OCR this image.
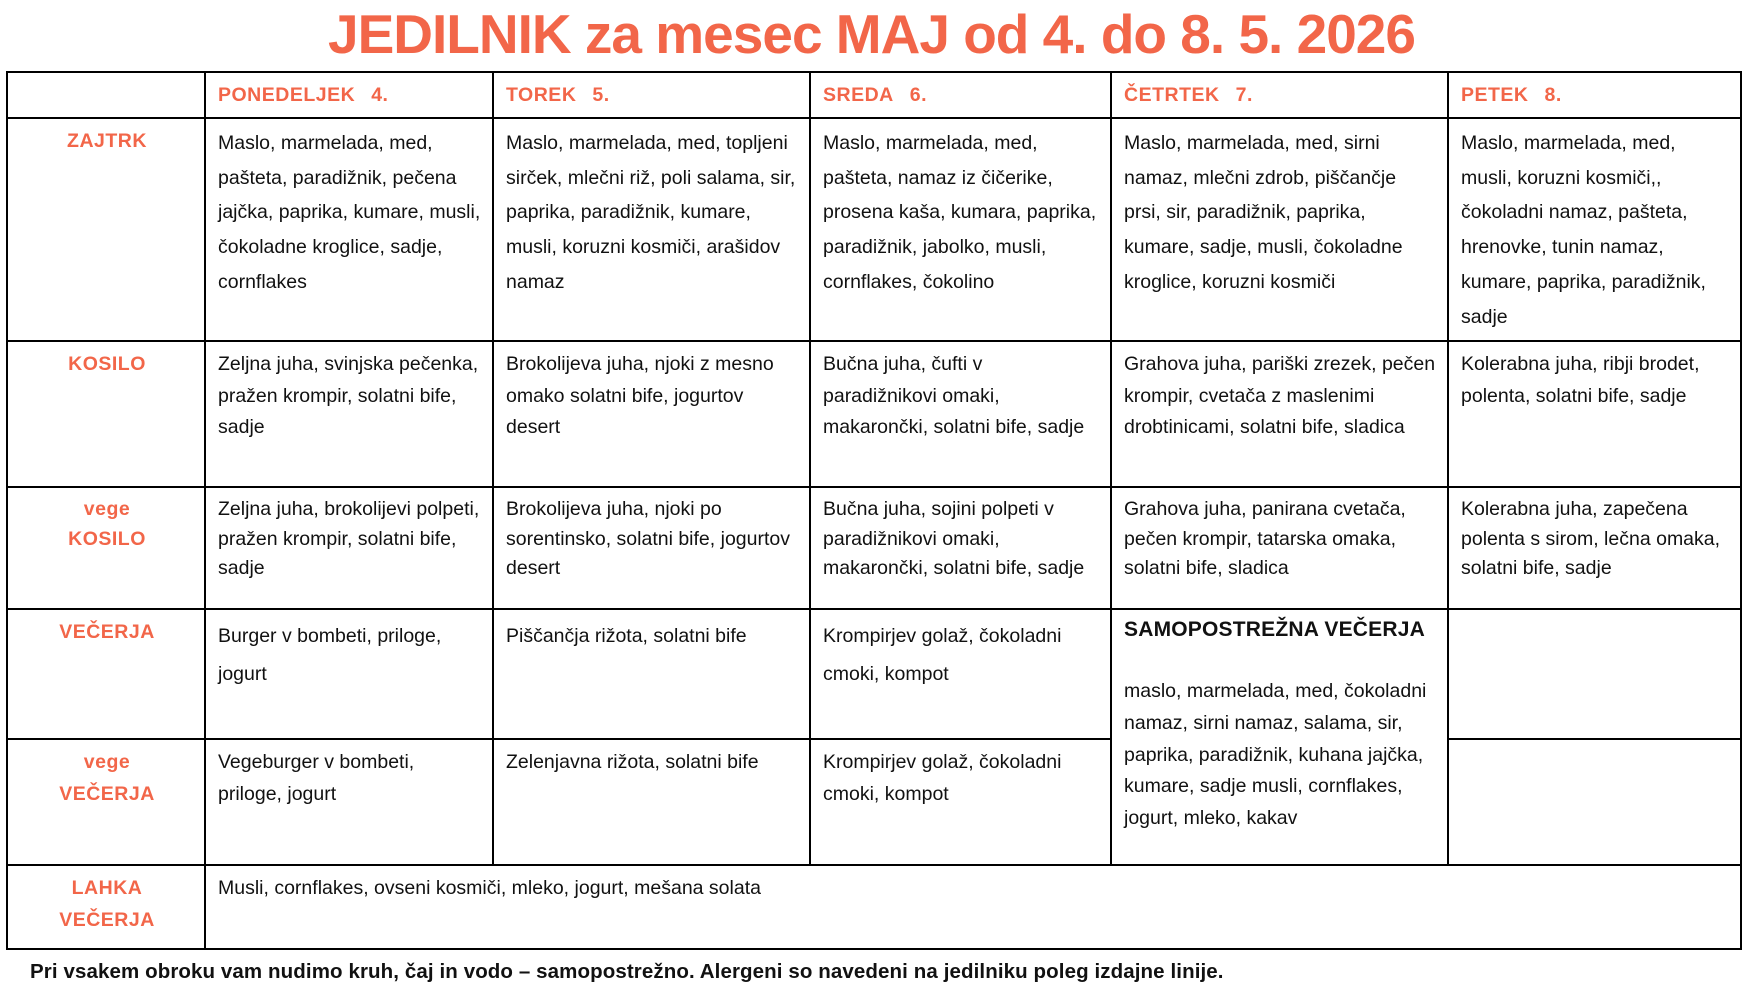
JEDILNIK za mesec MAJ od 4. do 8. 5. 2026
	PONEDELJEK 4.	TOREK 5.	SREDA 6.	ČETRTEK 7.	PETEK 8.
ZAJTRK	Maslo, marmelada, med, pašteta, paradižnik, pečena jajčka, paprika, kumare, musli, čokoladne kroglice, sadje, cornflakes	Maslo, marmelada, med, topljeni sirček, mlečni riž, poli salama, sir, paprika, paradižnik, kumare, musli, koruzni kosmiči, arašidov namaz	Maslo, marmelada, med, pašteta, namaz iz čičerike, prosena kaša, kumara, paprika, paradižnik, jabolko, musli, cornflakes, čokolino	Maslo, marmelada, med, sirni namaz, mlečni zdrob, piščančje prsi, sir, paradižnik, paprika, kumare, sadje, musli, čokoladne kroglice, koruzni kosmiči	Maslo, marmelada, med, musli, koruzni kosmiči,, čokoladni namaz, pašteta, hrenovke, tunin namaz, kumare, paprika, paradižnik, sadje
KOSILO	Zeljna juha, svinjska pečenka, pražen krompir, solatni bife, sadje	Brokolijeva juha, njoki z mesno omako solatni bife, jogurtov desert	Bučna juha, čufti v paradižnikovi omaki, makarončki, solatni bife, sadje	Grahova juha, pariški zrezek, pečen krompir, cvetača z maslenimi drobtinicami, solatni bife, sladica	Kolerabna juha, ribji brodet, polenta, solatni bife, sadje

vege
KOSILO	Zeljna juha, brokolijevi polpeti, pražen krompir, solatni bife, sadje	Brokolijeva juha, njoki po sorentinsko, solatni bife, jogurtov desert	Bučna juha, sojini polpeti v paradižnikovi omaki, makarončki, solatni bife, sadje	Grahova juha, panirana cvetača, pečen krompir, tatarska omaka, solatni bife, sladica	Kolerabna juha, zapečena polenta s sirom, lečna omaka, solatni bife, sadje
VEČERJA	Burger v bombeti, priloge, jogurt	Piščančja rižota, solatni bife	Krompirjev golaž, čokoladni cmoki, kompot	SAMOPOSTREŽNA VEČERJA
maslo, marmelada, med, čokoladni namaz, sirni namaz, salama, sir, paprika, paradižnik, kuhana jajčka, kumare, sadje musli, cornflakes, jogurt, mleko, kakav	

vege
VEČERJA	Vegeburger v bombeti, priloge, jogurt	Zelenjavna rižota, solatni bife	Krompirjev golaž, čokoladni cmoki, kompot		

LAHKA
VEČERJA	Musli, cornflakes, ovseni kosmiči, mleko, jogurt, mešana solata				

Pri vsakem obroku vam nudimo kruh, čaj in vodo – samopostrežno. Alergeni so navedeni na jedilniku poleg izdajne linije.
